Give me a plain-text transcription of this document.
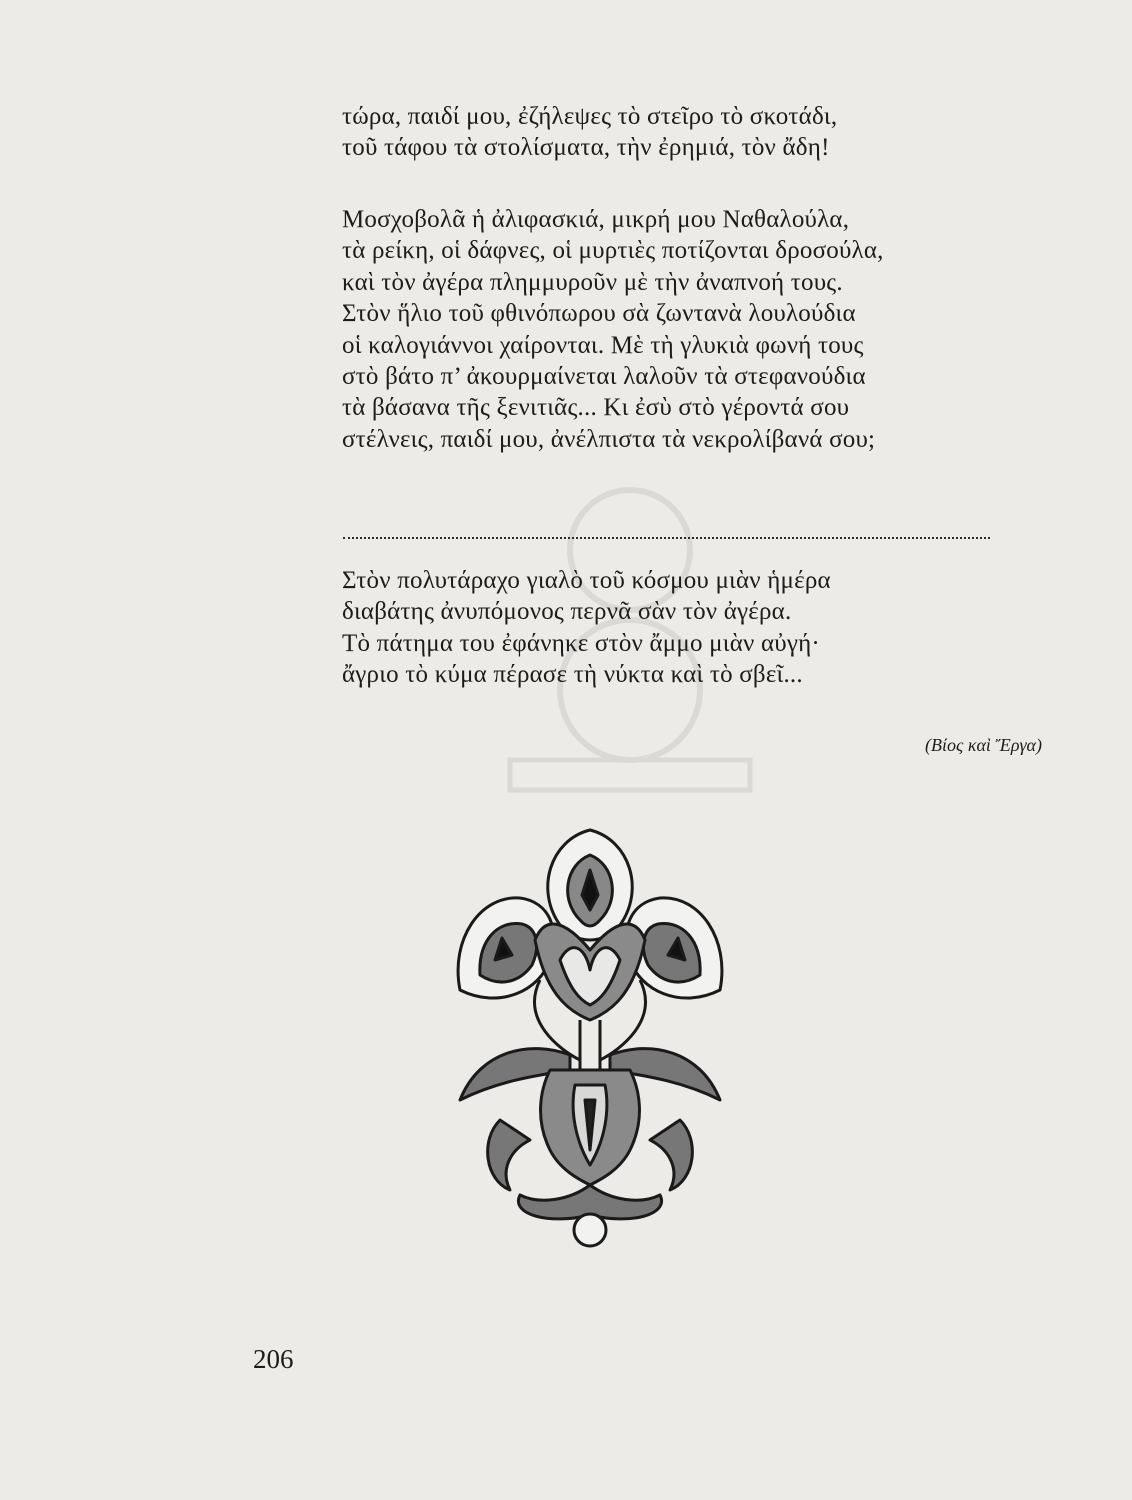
τώρα, παιδί μου, ἐζήλεψες τὸ στεῖρο τὸ σκοτάδι,
τοῦ τάφου τὰ στολίσματα, τὴν ἐρημιά, τὸν ἄδη!
Μοσχοβολᾶ ἡ ἀλιφασκιά, μικρή μου Ναθαλούλα,
τὰ ρείκη, οἱ δάφνες, οἱ μυρτιὲς ποτίζονται δροσούλα,
καὶ τὸν ἀγέρα πλημμυροῦν μὲ τὴν ἀναπνοή τους.
Στὸν ἥλιο τοῦ φθινόπωρου σὰ ζωντανὰ λουλούδια
οἱ καλογιάννοι χαίρονται. Μὲ τὴ γλυκιὰ φωνή τους
στὸ βάτο π’ ἀκουρμαίνεται λαλοῦν τὰ στεφανούδια
τὰ βάσανα τῆς ξενιτιᾶς... Κι ἐσὺ στὸ γέροντά σου
στέλνεις, παιδί μου, ἀνέλπιστα τὰ νεκρολίβανά σου;
Στὸν πολυτάραχο γιαλὸ τοῦ κόσμου μιὰν ἡμέρα
διαβάτης ἀνυπόμονος περνᾶ σὰν τὸν ἀγέρα.
Τὸ πάτημα του ἐφάνηκε στὸν ἄμμο μιὰν αὐγή·
ἄγριο τὸ κύμα πέρασε τὴ νύκτα καὶ τὸ σβεῖ...
(Βίος καὶ Ἔργα)
206
